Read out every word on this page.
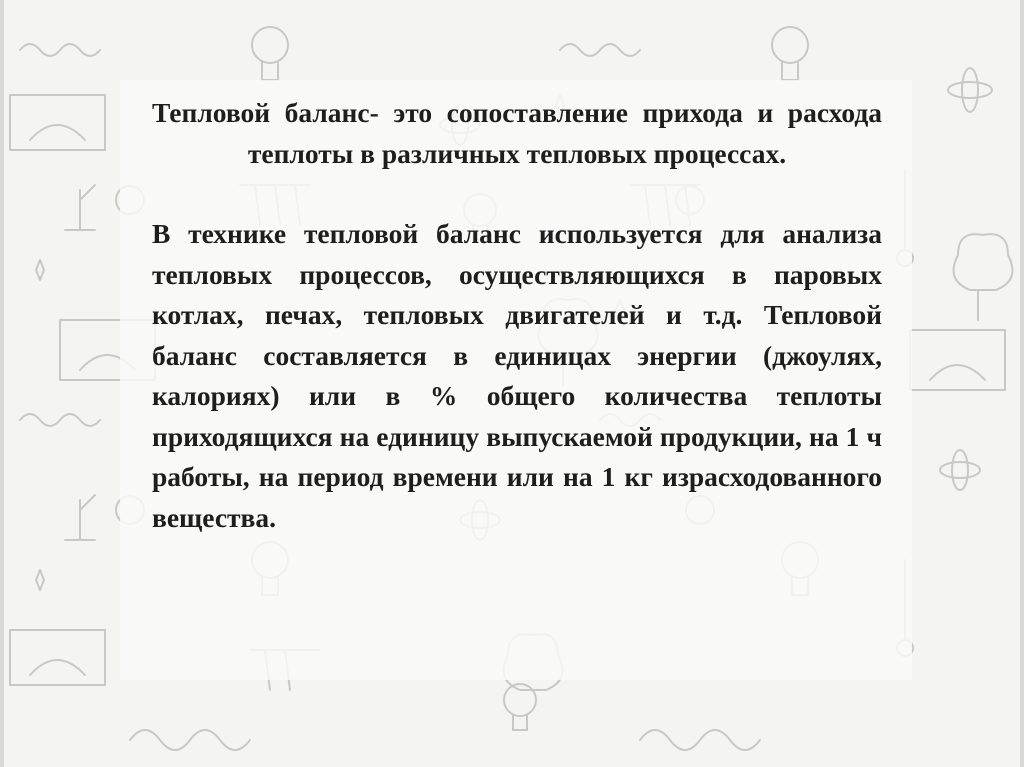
Тепловой баланс- это сопоставление прихода и расхода теплоты в различных тепловых процессах.

В технике тепловой баланс используется для анализа тепловых процессов, осуществляющихся в паровых котлах, печах, тепловых двигателей и т.д. Тепловой баланс составляется в единицах энергии (джоулях, калориях) или в % общего количества теплоты приходящихся на единицу выпускаемой продукции, на 1 ч работы, на период времени или на 1 кг израсходованного вещества.
